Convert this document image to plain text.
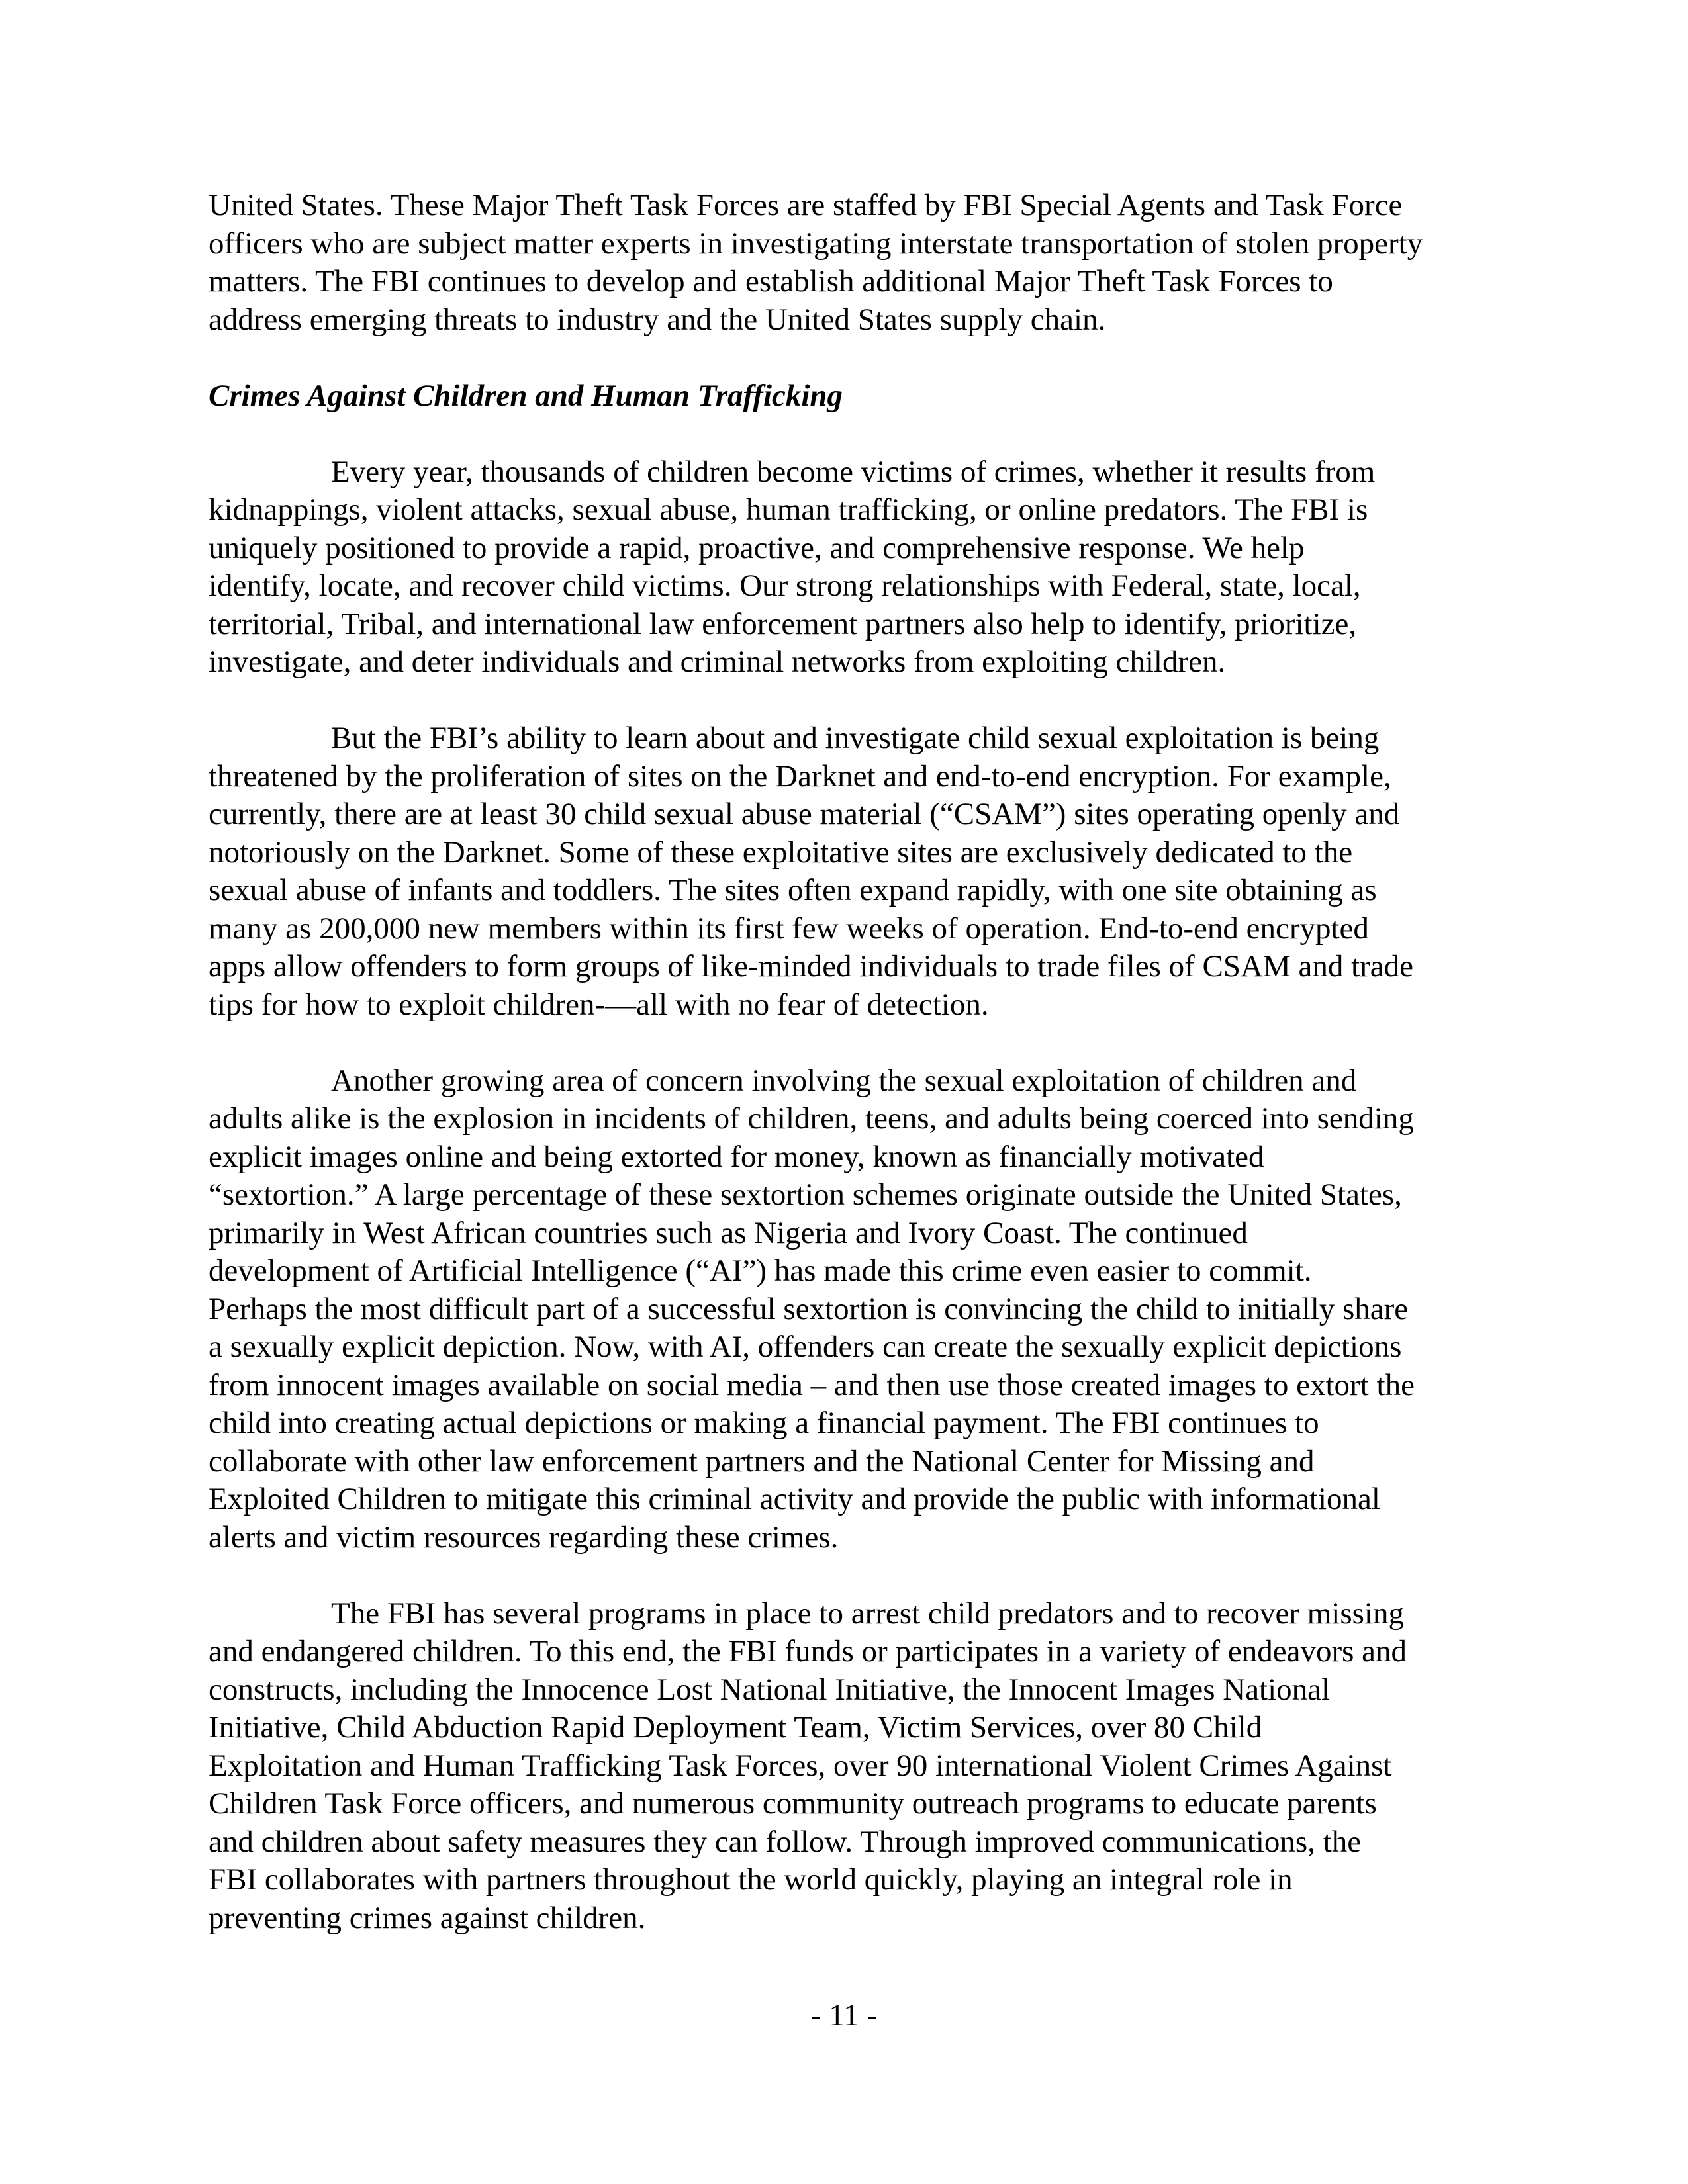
United States. These Major Theft Task Forces are staffed by FBI Special Agents and Task Force
officers who are subject matter experts in investigating interstate transportation of stolen property
matters. The FBI continues to develop and establish additional Major Theft Task Forces to
address emerging threats to industry and the United States supply chain.
Crimes Against Children and Human Trafficking
Every year, thousands of children become victims of crimes, whether it results from
kidnappings, violent attacks, sexual abuse, human trafficking, or online predators. The FBI is
uniquely positioned to provide a rapid, proactive, and comprehensive response. We help
identify, locate, and recover child victims. Our strong relationships with Federal, state, local,
territorial, Tribal, and international law enforcement partners also help to identify, prioritize,
investigate, and deter individuals and criminal networks from exploiting children.
But the FBI’s ability to learn about and investigate child sexual exploitation is being
threatened by the proliferation of sites on the Darknet and end-to-end encryption. For example,
currently, there are at least 30 child sexual abuse material (“CSAM”) sites operating openly and
notoriously on the Darknet. Some of these exploitative sites are exclusively dedicated to the
sexual abuse of infants and toddlers. The sites often expand rapidly, with one site obtaining as
many as 200,000 new members within its first few weeks of operation. End-to-end encrypted
apps allow offenders to form groups of like-minded individuals to trade files of CSAM and trade
tips for how to exploit children-—all with no fear of detection.
Another growing area of concern involving the sexual exploitation of children and
adults alike is the explosion in incidents of children, teens, and adults being coerced into sending
explicit images online and being extorted for money, known as financially motivated
“sextortion.” A large percentage of these sextortion schemes originate outside the United States,
primarily in West African countries such as Nigeria and Ivory Coast. The continued
development of Artificial Intelligence (“AI”) has made this crime even easier to commit.
Perhaps the most difficult part of a successful sextortion is convincing the child to initially share
a sexually explicit depiction. Now, with AI, offenders can create the sexually explicit depictions
from innocent images available on social media – and then use those created images to extort the
child into creating actual depictions or making a financial payment. The FBI continues to
collaborate with other law enforcement partners and the National Center for Missing and
Exploited Children to mitigate this criminal activity and provide the public with informational
alerts and victim resources regarding these crimes.
The FBI has several programs in place to arrest child predators and to recover missing
and endangered children. To this end, the FBI funds or participates in a variety of endeavors and
constructs, including the Innocence Lost National Initiative, the Innocent Images National
Initiative, Child Abduction Rapid Deployment Team, Victim Services, over 80 Child
Exploitation and Human Trafficking Task Forces, over 90 international Violent Crimes Against
Children Task Force officers, and numerous community outreach programs to educate parents
and children about safety measures they can follow. Through improved communications, the
FBI collaborates with partners throughout the world quickly, playing an integral role in
preventing crimes against children.
- 11 -
